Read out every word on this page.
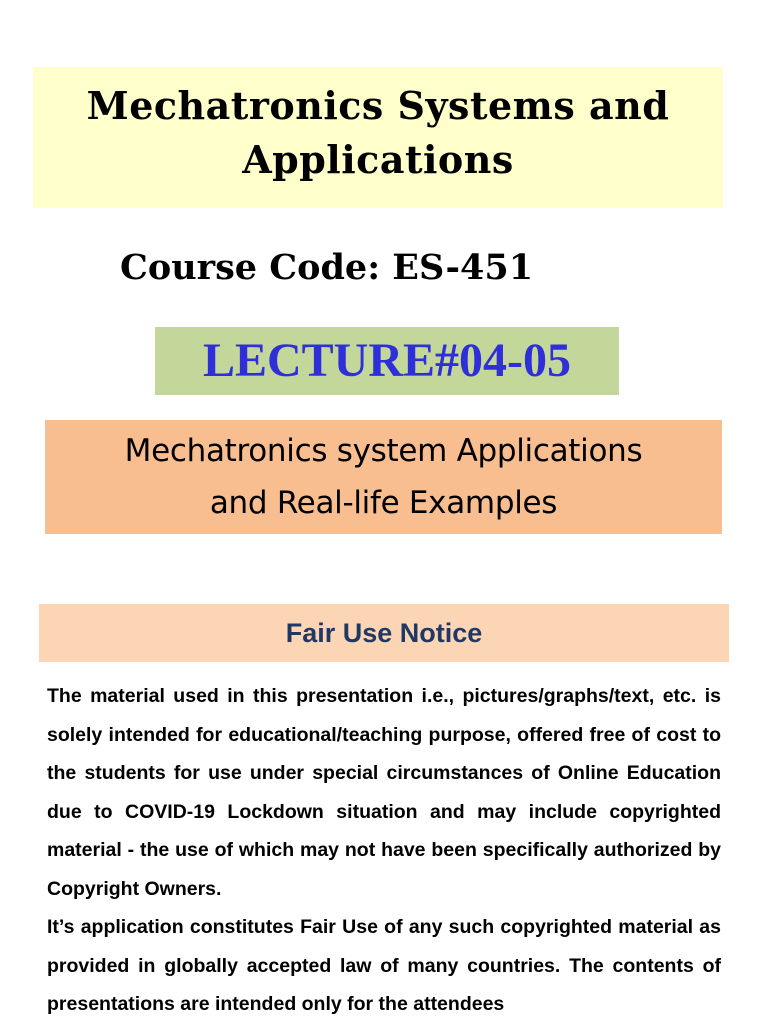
Mechatronics Systems and
Applications
Course Code: ES-451
LECTURE#04-05
Mechatronics system Applications
and Real-life Examples
Fair Use Notice

The material used in this presentation i.e., pictures/graphs/text, etc. is solely intended for educational/teaching purpose, offered free of cost to the students for use under special circumstances of Online Education due to COVID-19 Lockdown situation and may include copyrighted material - the use of which may not have been specifically authorized by Copyright Owners.

It’s application constitutes Fair Use of any such copyrighted material as provided in globally accepted law of many countries. The contents of presentations are intended only for the attendees
